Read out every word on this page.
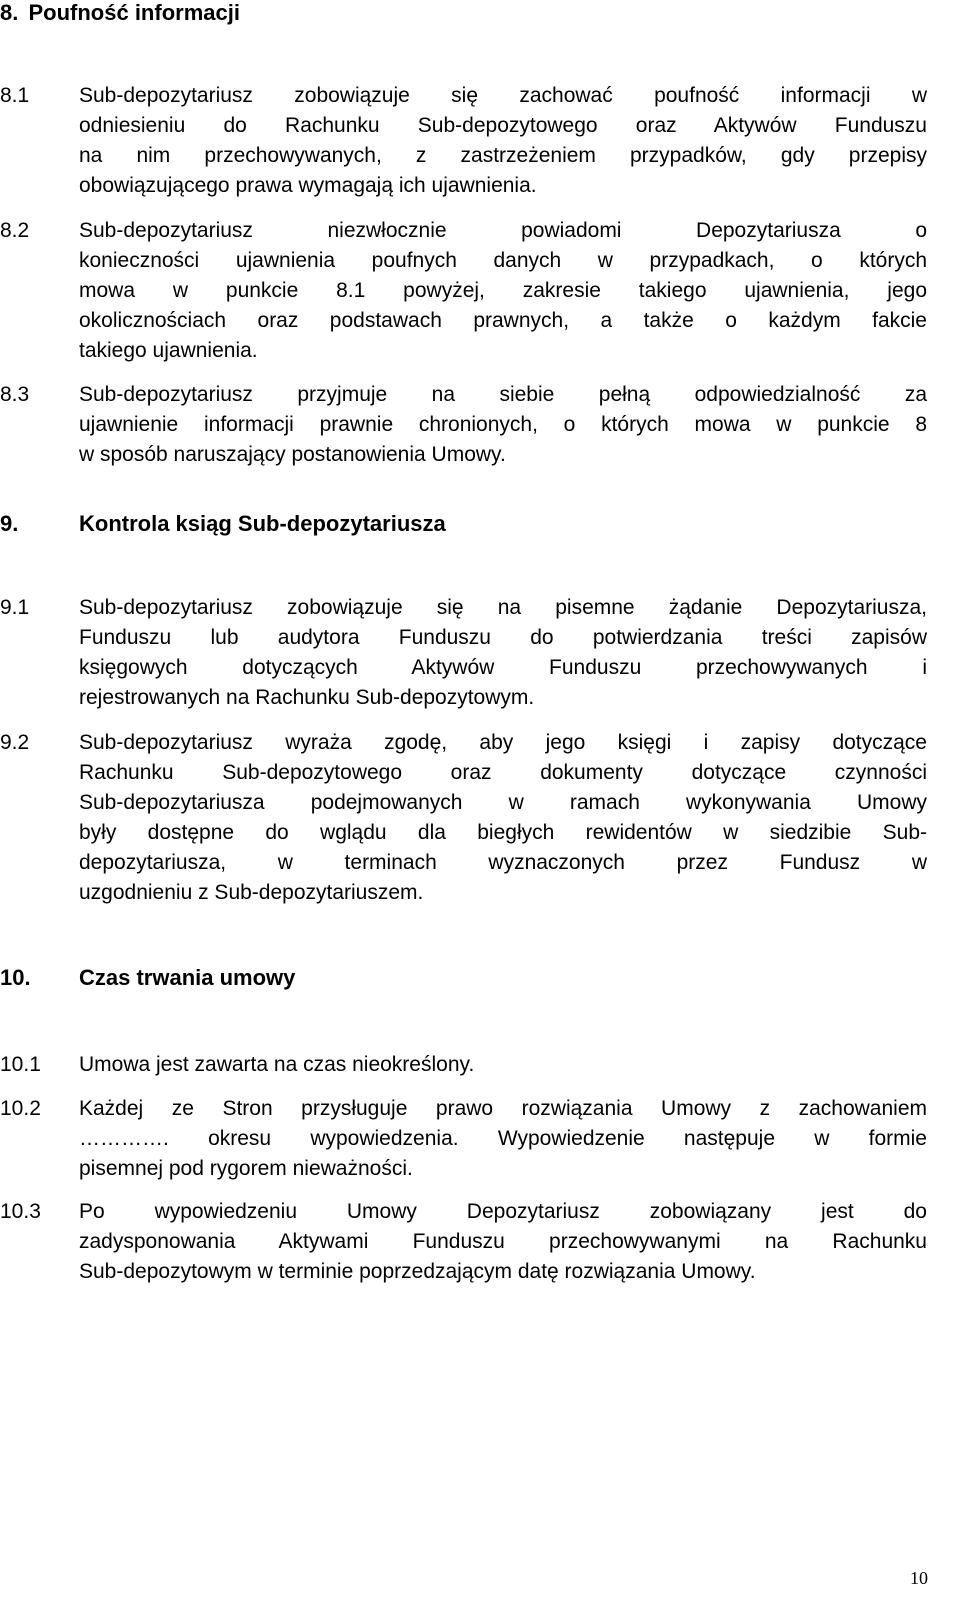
8. Poufność informacji
8.1 Sub-depozytariusz zobowiązuje się zachować poufność informacji w
odniesieniu do Rachunku Sub-depozytowego oraz Aktywów Funduszu
na nim przechowywanych, z zastrzeżeniem przypadków, gdy przepisy
obowiązującego prawa wymagają ich ujawnienia.
8.2 Sub-depozytariusz niezwłocznie powiadomi Depozytariusza o
konieczności ujawnienia poufnych danych w przypadkach, o których
mowa w punkcie 8.1 powyżej, zakresie takiego ujawnienia, jego
okolicznościach oraz podstawach prawnych, a także o każdym fakcie
takiego ujawnienia.
8.3 Sub-depozytariusz przyjmuje na siebie pełną odpowiedzialność za
ujawnienie informacji prawnie chronionych, o których mowa w punkcie 8
w sposób naruszający postanowienia Umowy.
9.	Kontrola ksiąg Sub-depozytariusza
9.1 Sub-depozytariusz zobowiązuje się na pisemne żądanie Depozytariusza,
Funduszu lub audytora Funduszu do potwierdzania treści zapisów
księgowych dotyczących Aktywów Funduszu przechowywanych i
rejestrowanych na Rachunku Sub-depozytowym.
9.2 Sub-depozytariusz wyraża zgodę, aby jego księgi i zapisy dotyczące
Rachunku Sub-depozytowego oraz dokumenty dotyczące czynności
Sub-depozytariusza podejmowanych w ramach wykonywania Umowy
były dostępne do wglądu dla biegłych rewidentów w siedzibie Sub-
depozytariusza, w terminach wyznaczonych przez Fundusz w
uzgodnieniu z Sub-depozytariuszem.
10. Czas trwania umowy
10.1 Umowa jest zawarta na czas nieokreślony.
10.2 Każdej ze Stron przysługuje prawo rozwiązania Umowy z zachowaniem
…………. okresu wypowiedzenia. Wypowiedzenie następuje w formie
pisemnej pod rygorem nieważności.
10.3 Po wypowiedzeniu Umowy Depozytariusz zobowiązany jest do
zadysponowania Aktywami Funduszu przechowywanymi na Rachunku
Sub-depozytowym w terminie poprzedzającym datę rozwiązania Umowy.
10
